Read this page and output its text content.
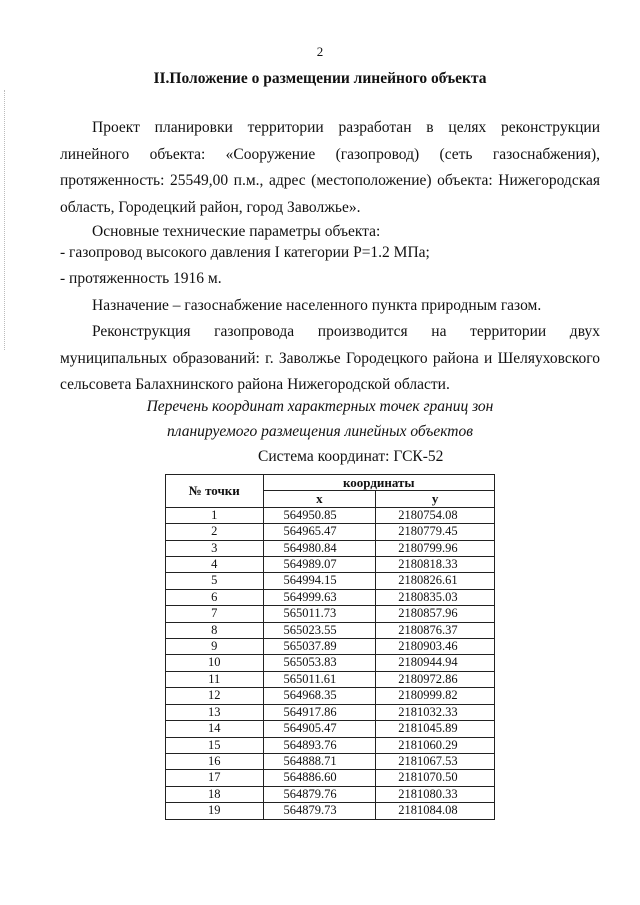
2
II.Положение о размещении линейного объекта

Проект планировки территории разработан в целях реконструкции линейного объекта: «Сооружение (газопровод) (сеть газоснабжения), протяженность: 25549,00 п.м., адрес (местоположение) объекта: Нижегородская область, Городецкий район, город Заволжье».

Основные технические параметры объекта:

- газопровод высокого давления I категории P=1.2 МПа;

- протяженность 1916 м.

Назначение – газоснабжение населенного пункта природным газом.

Реконструкция газопровода производится на территории двух муниципальных образований: г. Заволжье Городецкого района и Шеляуховского сельсовета Балахнинского района Нижегородской области.

Перечень координат характерных точек границ зон
планируемого размещения линейных объектов
Система координат: ГСК-52
№ точки	координаты	
	x	y
1	564950.85	2180754.08
2	564965.47	2180779.45
3	564980.84	2180799.96
4	564989.07	2180818.33
5	564994.15	2180826.61
6	564999.63	2180835.03
7	565011.73	2180857.96
8	565023.55	2180876.37
9	565037.89	2180903.46
10	565053.83	2180944.94
11	565011.61	2180972.86
12	564968.35	2180999.82
13	564917.86	2181032.33
14	564905.47	2181045.89
15	564893.76	2181060.29
16	564888.71	2181067.53
17	564886.60	2181070.50
18	564879.76	2181080.33
19	564879.73	2181084.08
